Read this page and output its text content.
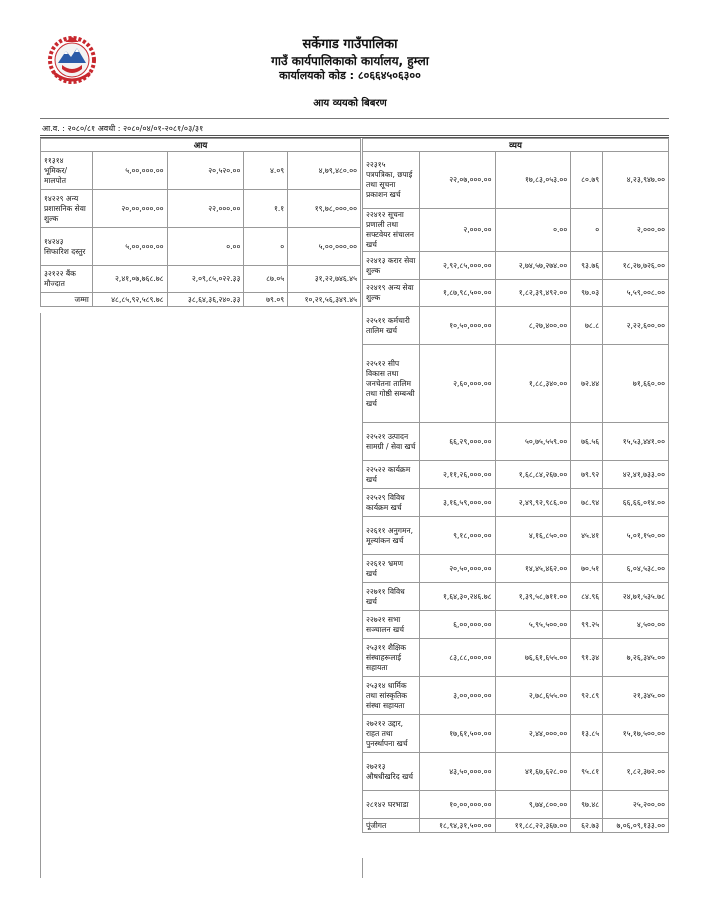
सर्केगाड गाउँपालिका
गाउँ कार्यपालिकाको कार्यालय, हुम्ला
कार्यालयको कोड : ८०६६४५०६३००
आय व्ययको बिबरण
आ.व. : २०८०/८१ अवधी : २०८०/०४/०१-२०८१/०३/३१
आय				
११३१४ भूमिकर/ मालपोत	५,००,०००.००	२०,५२०.००	४.०९	४,७९,४८०.००
१४२२९ अन्य प्रशासनिक सेवा शुल्क	२०,००,०००.००	२२,०००.००	१.१	१९,७८,०००.००
१४२४३ सिफारिश दस्तुर	५,००,०००.००	०.००	०	५,००,०००.००
३२१२२ बैंक मौज्दात	२,४१,०७,७६८.७८	२,०९,८५,०२२.३३	८७.०५	३१,२२,७४६.४५
जम्मा	४८,८५,९२,५८९.७८	३८,६४,३६,२४०.३३	७९.०९	१०,२१,५६,३४९.४५
व्यय				
२२३१५ पत्रपत्रिका, छपाई तथा सूचना प्रकाशन खर्च	२२,०७,०००.००	१७,८३,०५३.००	८०.७९	४,२३,९४७.००
२२४१२ सूचना प्रणाली तथा सफ्टवेयर संचालन खर्च	२,०००.००	०.००	०	२,०००.००
२२४१३ करार सेवा शुल्क	२,९२,८५,०००.००	२,७४,५७,२७४.००	९३.७६	१८,२७,७२६.००
२२४१९ अन्य सेवा शुल्क	१,८७,९८,५००.००	१,८२,३९,४९२.००	९७.०३	५,५९,००८.००
२२५११ कर्मचारी तालिम खर्च	१०,५०,०००.००	८,२७,४००.००	७८.८	२,२२,६००.००
२२५१२ सीप विकास तथा जनचेतना तालिम तथा गोष्ठी सम्बन्धी खर्च	२,६०,०००.००	१,८८,३४०.००	७२.४४	७१,६६०.००
२२५२१ उत्पादन सामग्री / सेवा खर्च	६६,२९,०००.००	५०,७५,५५९.००	७६.५६	१५,५३,४४१.००
२२५२२ कार्यक्रम खर्च	२,११,२६,०००.००	१,६८,८४,२६७.००	७९.९२	४२,४१,७३३.००
२२५२९ विविध कार्यक्रम खर्च	३,१६,५९,०००.००	२,४९,९२,९८६.००	७८.९४	६६,६६,०१४.००
२२६११ अनुगमन, मूल्यांकन खर्च	९,१८,०००.००	४,१६,८५०.००	४५.४१	५,०१,१५०.००
२२६१२ भ्रमण खर्च	२०,५०,०००.००	१४,४५,४६२.००	७०.५१	६,०४,५३८.००
२२७११ विविध खर्च	१,६४,३०,२४६.७८	१,३९,५८,७११.००	८४.९६	२४,७१,५३५.७८
२२७२१ सभा सञ्चालन खर्च	६,००,०००.००	५,९५,५००.००	९९.२५	४,५००.००
२५३११ शैक्षिक संस्थाहरूलाई सहायता	८३,८८,०००.००	७६,६१,६५५.००	९१.३४	७,२६,३४५.००
२५३१४ धार्मिक तथा सांस्कृतिक संस्था सहायता	३,००,०००.००	२,७८,६५५.००	९२.८९	२१,३४५.००
२७२१२ उद्दार, राहत तथा पुनर्स्थापना खर्च	१७,६१,५००.००	२,४४,०००.००	१३.८५	१५,१७,५००.००
२७२१३ औषधीखरिद खर्च	४३,५०,०००.००	४१,६७,६२८.००	९५.८१	१,८२,३७२.००
२८१४२ घरभाडा	१०,००,०००.००	९,७४,८००.००	९७.४८	२५,२००.००
पूंजीगत	१८,९४,३१,५००.००	११,८८,२२,३६७.००	६२.७३	७,०६,०९,१३३.००
